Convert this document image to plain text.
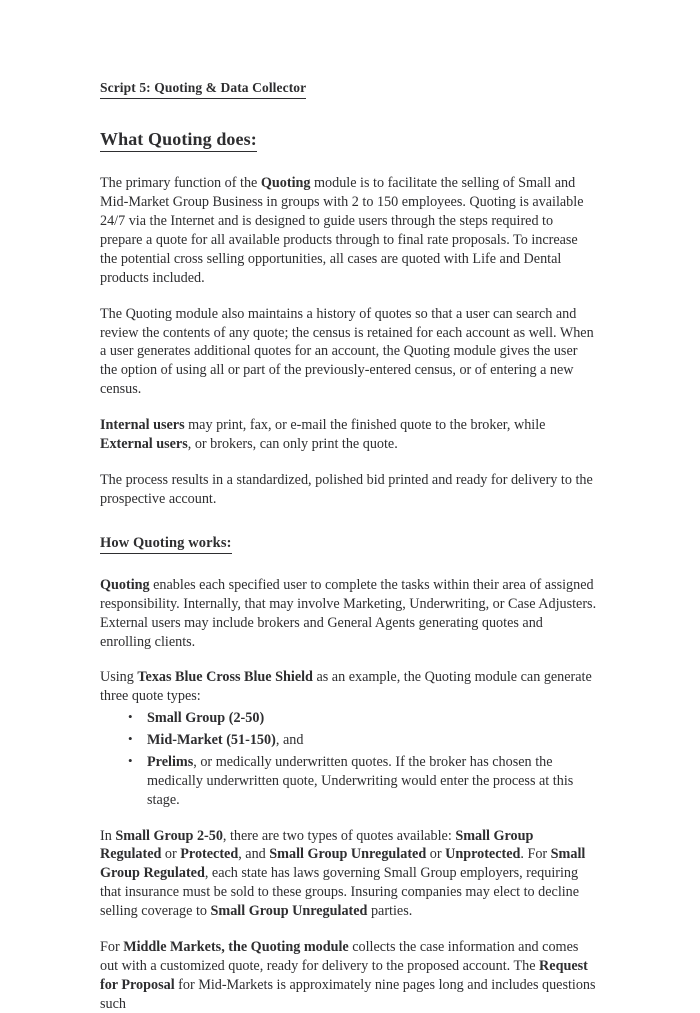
Script 5: Quoting & Data Collector
What Quoting does:

The primary function of the Quoting module is to facilitate the selling of Small and Mid-Market Group Business in groups with 2 to 150 employees. Quoting is available 24/7 via the Internet and is designed to guide users through the steps required to prepare a quote for all available products through to final rate proposals. To increase the potential cross selling opportunities, all cases are quoted with Life and Dental products included.

The Quoting module also maintains a history of quotes so that a user can search and review the contents of any quote; the census is retained for each account as well. When a user generates additional quotes for an account, the Quoting module gives the user the option of using all or part of the previously-entered census, or of entering a new census.

Internal users may print, fax, or e-mail the finished quote to the broker, while External users, or brokers, can only print the quote.

The process results in a standardized, polished bid printed and ready for delivery to the prospective account.

How Quoting works:

Quoting enables each specified user to complete the tasks within their area of assigned responsibility. Internally, that may involve Marketing, Underwriting, or Case Adjusters. External users may include brokers and General Agents generating quotes and enrolling clients.

Using Texas Blue Cross Blue Shield as an example, the Quoting module can generate three quote types:

• Small Group (2-50)
• Mid-Market (51-150), and
• Prelims, or medically underwritten quotes. If the broker has chosen the medically underwritten quote, Underwriting would enter the process at this stage.

In Small Group 2-50, there are two types of quotes available: Small Group Regulated or Protected, and Small Group Unregulated or Unprotected. For Small Group Regulated, each state has laws governing Small Group employers, requiring that insurance must be sold to these groups. Insuring companies may elect to decline selling coverage to Small Group Unregulated parties.

For Middle Markets, the Quoting module collects the case information and comes out with a customized quote, ready for delivery to the proposed account. The Request for Proposal for Mid-Markets is approximately nine pages long and includes questions such
